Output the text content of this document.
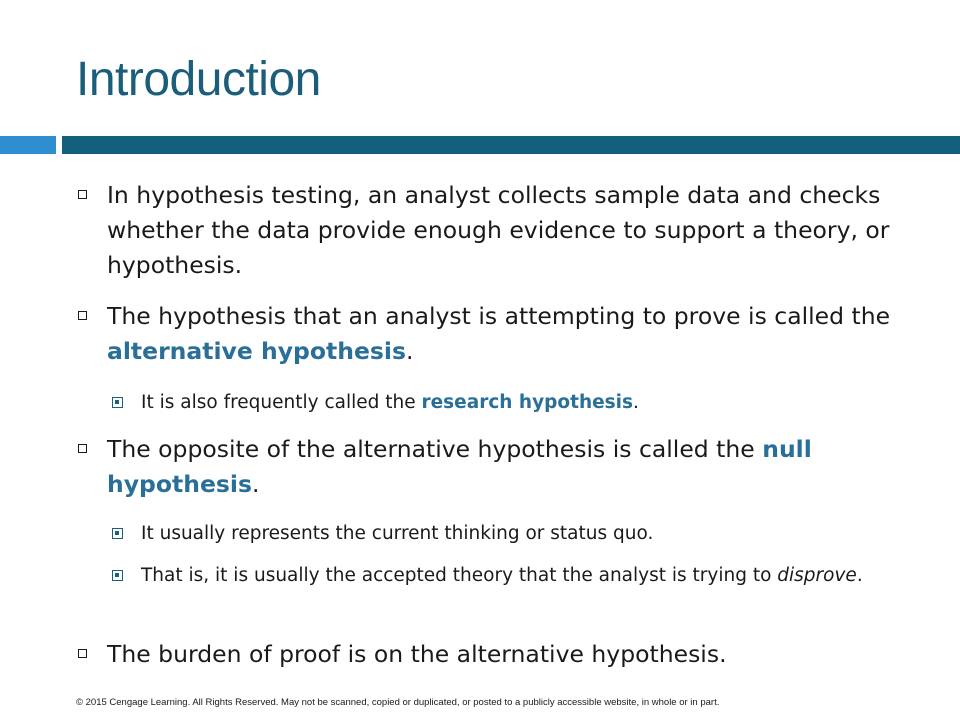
Introduction
In hypothesis testing, an analyst collects sample data and checks whether the data provide enough evidence to support a theory, or hypothesis.
The hypothesis that an analyst is attempting to prove is called the alternative hypothesis.
It is also frequently called the research hypothesis.
The opposite of the alternative hypothesis is called the null hypothesis.
It usually represents the current thinking or status quo.
That is, it is usually the accepted theory that the analyst is trying to disprove.
The burden of proof is on the alternative hypothesis.
© 2015 Cengage Learning. All Rights Reserved. May not be scanned, copied or duplicated, or posted to a publicly accessible website, in whole or in part.
